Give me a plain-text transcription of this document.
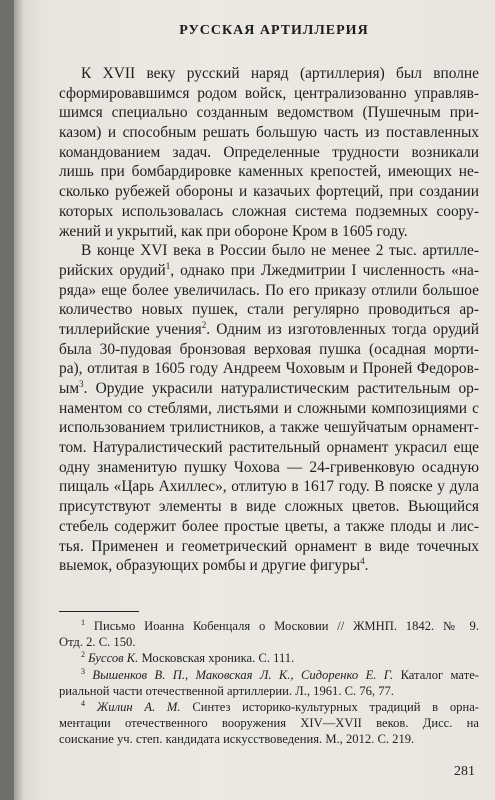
РУССКАЯ АРТИЛЛЕРИЯ
К XVII веку русский наряд (артиллерия) был вполне
сформировавшимся родом войск, централизованно управляв-
шимся специально созданным ведомством (Пушечным при-
казом) и способным решать большую часть из поставленных
командованием задач. Определенные трудности возникали
лишь при бомбардировке каменных крепостей, имеющих не-
сколько рубежей обороны и казачьих фортеций, при создании
которых использовалась сложная система подземных соору-
жений и укрытий, как при обороне Кром в 1605 году.
В конце XVI века в России было не менее 2 тыс. артилле-
рийских орудий$^1$, однако при Лжедмитрии I численность «на-
ряда» еще более увеличилась. По его приказу отлили большое
количество новых пушек, стали регулярно проводиться ар-
тиллерийские учения$^2$. Одним из изготовленных тогда орудий
была 30-пудовая бронзовая верховая пушка (осадная морти-
ра), отлитая в 1605 году Андреем Чоховым и Проней Федоров-
$ым^3$. Орудие украсили натуралистическим растительным ор-
наментом со стеблями, листьями и сложными композициями с
использованием трилистников, а также чешуйчатым орнамент-
том. Натуралистический растительный орнамент украсил еще
одну знаменитую пушку Чохова — 24-гривенковую осадную
пищаль «Царь Ахиллес», отлитую в 1617 году. В пояске у дула
присутствуют элементы в виде сложных цветов. Вьющийся
стебель содержит более простые цветы, а также плоды и лис-
тья. Применен и геометрический орнамент в виде точечных
выемок, образующих ромбы и другие фигуры$^4$.
$^1$ Письмо Иоанна Кобенцаля о Московии // ЖМНП. 1842. № 9.
Отд. 2. С. 150.
$^2$ Буссов К. Московская хроника. С. 111.
$^3$ Вышенков В. П., Маковская Л. К., Сидоренко Е. Г. Каталог мате-
риальной части отечественной артиллерии. Л., 1961. С. 76, 77.
$^4$ Жилин А. М. Синтез историко-культурных традиций в орна-
ментации отечественного вооружения XIV—XVII веков. Дисс. на
соискание уч. степ. кандидата искусствоведения. М., 2012. С. 219.
281
